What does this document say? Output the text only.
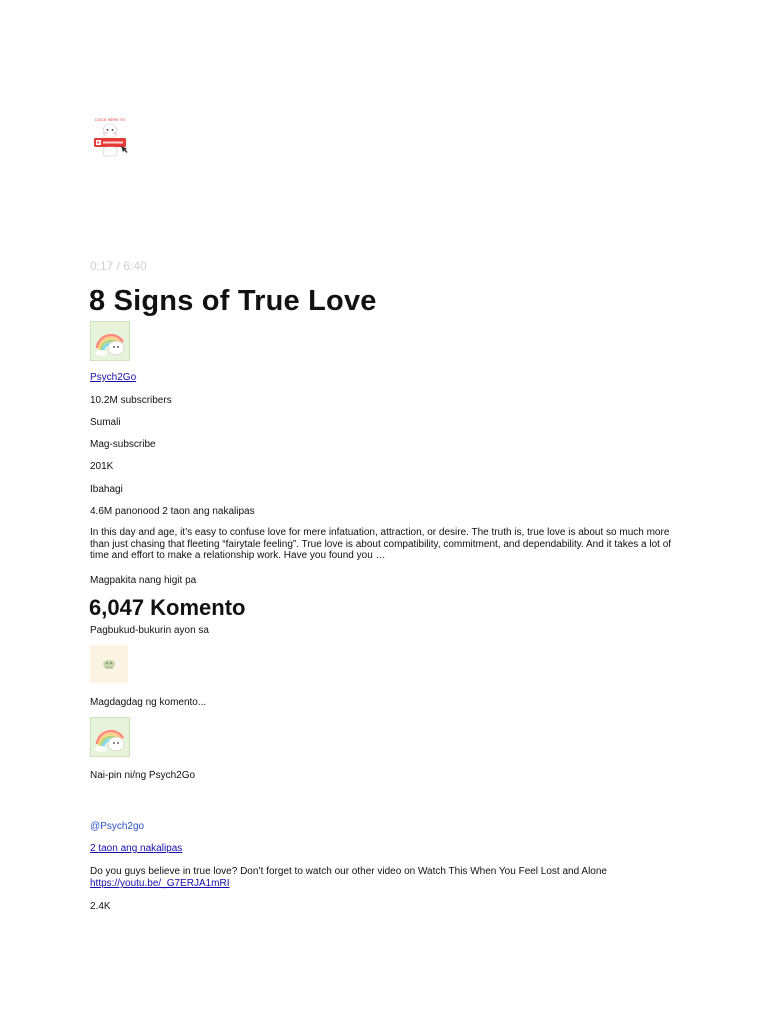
CLICK HERE TO
0:17 / 6:40
8 Signs of True Love
Psych2Go
10.2M subscribers
Sumali
Mag-subscribe
201K
Ibahagi
4.6M panonood 2 taon ang nakalipas
In this day and age, it’s easy to confuse love for mere infatuation, attraction, or desire. The truth is, true love is about so much more than just chasing that fleeting “fairytale feeling”. True love is about compatibility, commitment, and dependability. And it takes a lot of time and effort to make a relationship work. Have you found you …
Magpakita nang higit pa
6,047 Komento
Pagbukud-bukurin ayon sa
Magdagdag ng komento...
Nai-pin ni/ng Psych2Go
@Psych2go
2 taon ang nakalipas
Do you guys believe in true love? Don’t forget to watch our other video on Watch This When You Feel Lost and Alone
https://youtu.be/_G7ERJA1mRI
2.4K
